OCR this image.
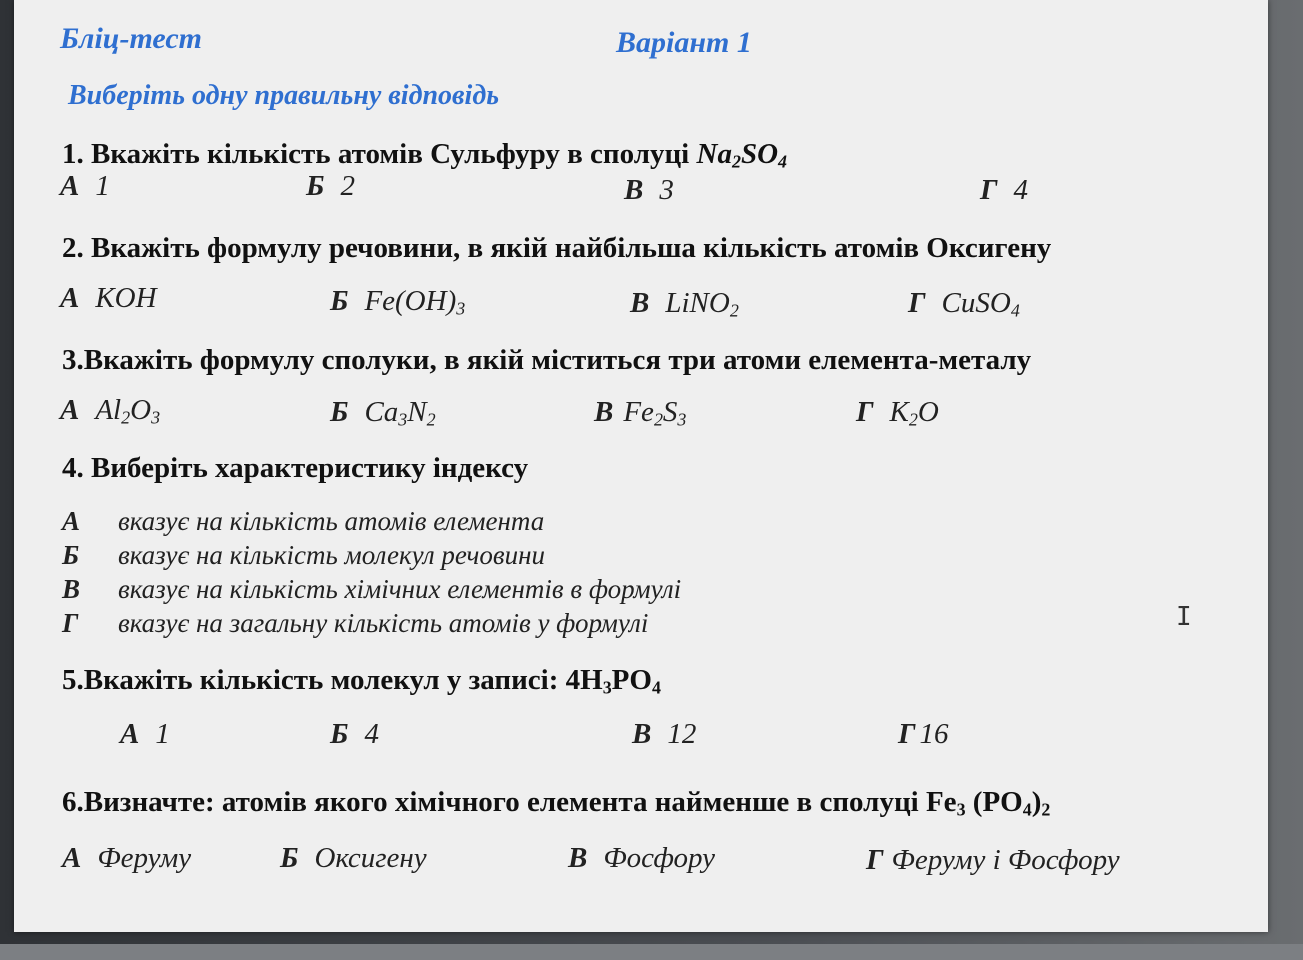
Бліц-тест	Варіант 1
Виберіть одну правильну відповідь
1. Вкажіть кількість атомів Сульфуру в сполуці $Na_2SO_4$
А 1	Б 2	В 3	Г 4
2. Вкажіть формулу речовини, в якій найбільша кількість атомів Оксигену
А KOH	Б $Fe(OH)_3$	В LiNO$_2$	Г CuSO$_4$
3.Вкажіть формулу сполуки, в якій міститься три атоми елемента-металу
А $Al_2O_3$	Б $Ca_3N_2$	В $Fe_2S_3$	Г $K_2O$
4. Виберіть характеристику індексу
А вказує на кількість атомів елемента
Б вказує на кількість молекул речовини
В вказує на кількість хімічних елементів в формулі
Г вказує на загальну кількість атомів у формулі
5.Вкажіть кількість молекул у записі: $4H_3PO_4$
А 1	Б 4	В 12	Г 16
6.Визначте: атомів якого хімічного елемента найменше в сполуці $Fe_3$ $(PO_4)_2$
А Феруму	Б Оксигену	В Фосфору	Г Феруму і Фосфору
I
